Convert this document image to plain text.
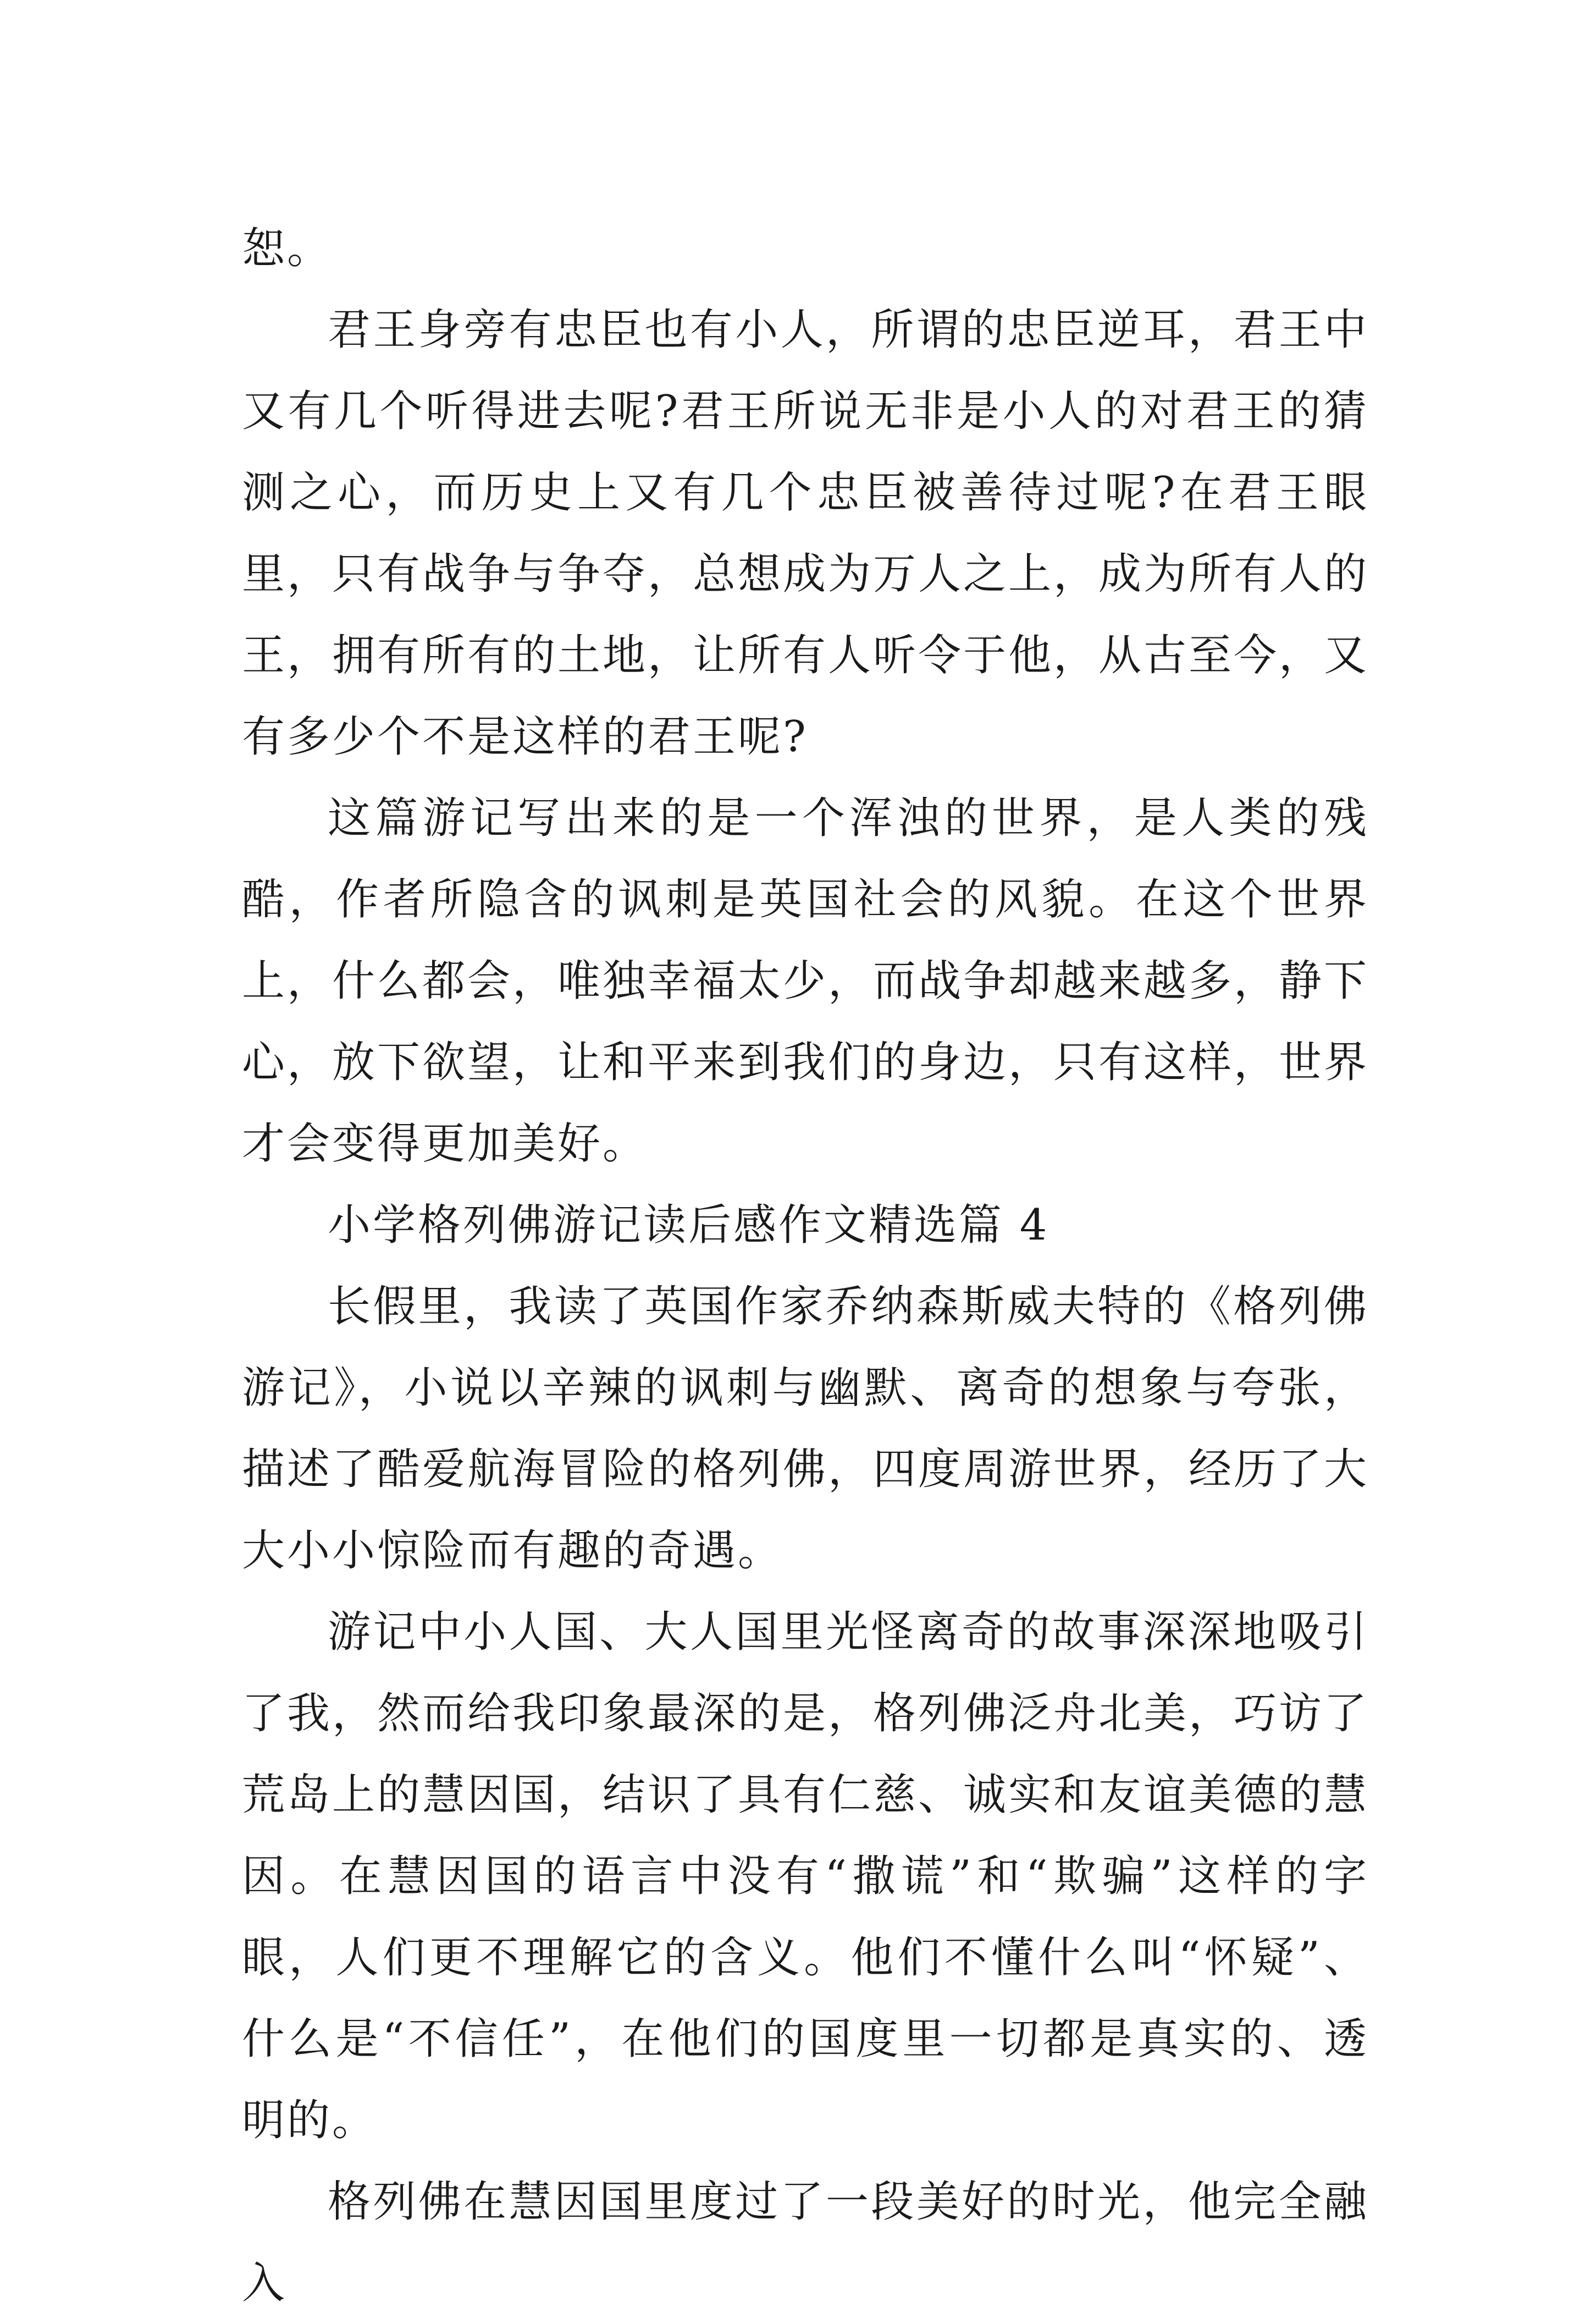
恕。

君王身旁有忠臣也有小人，所谓的忠臣逆耳，君王中又有几个听得进去呢?君王所说无非是小人的对君王的猜测之心，而历史上又有几个忠臣被善待过呢?在君王眼里，只有战争与争夺，总想成为万人之上，成为所有人的王，拥有所有的土地，让所有人听令于他，从古至今，又有多少个不是这样的君王呢?

这篇游记写出来的是一个浑浊的世界，是人类的残酷，作者所隐含的讽刺是英国社会的风貌。在这个世界上，什么都会，唯独幸福太少，而战争却越来越多，静下心，放下欲望，让和平来到我们的身边，只有这样，世界才会变得更加美好。

小学格列佛游记读后感作文精选篇 4

长假里，我读了英国作家乔纳森斯威夫特的《格列佛游记》，小说以辛辣的讽刺与幽默、离奇的想象与夸张，描述了酷爱航海冒险的格列佛，四度周游世界，经历了大大小小惊险而有趣的奇遇。

游记中小人国、大人国里光怪离奇的故事深深地吸引了我，然而给我印象最深的是，格列佛泛舟北美，巧访了荒岛上的慧因国，结识了具有仁慈、诚实和友谊美德的慧因。在慧因国的语言中没有“撒谎”和“欺骗”这样的字眼，人们更不理解它的含义。他们不懂什么叫“怀疑”、什么是“不信任”，在他们的国度里一切都是真实的、透明的。

格列佛在慧因国里度过了一段美好的时光，他完全融入
